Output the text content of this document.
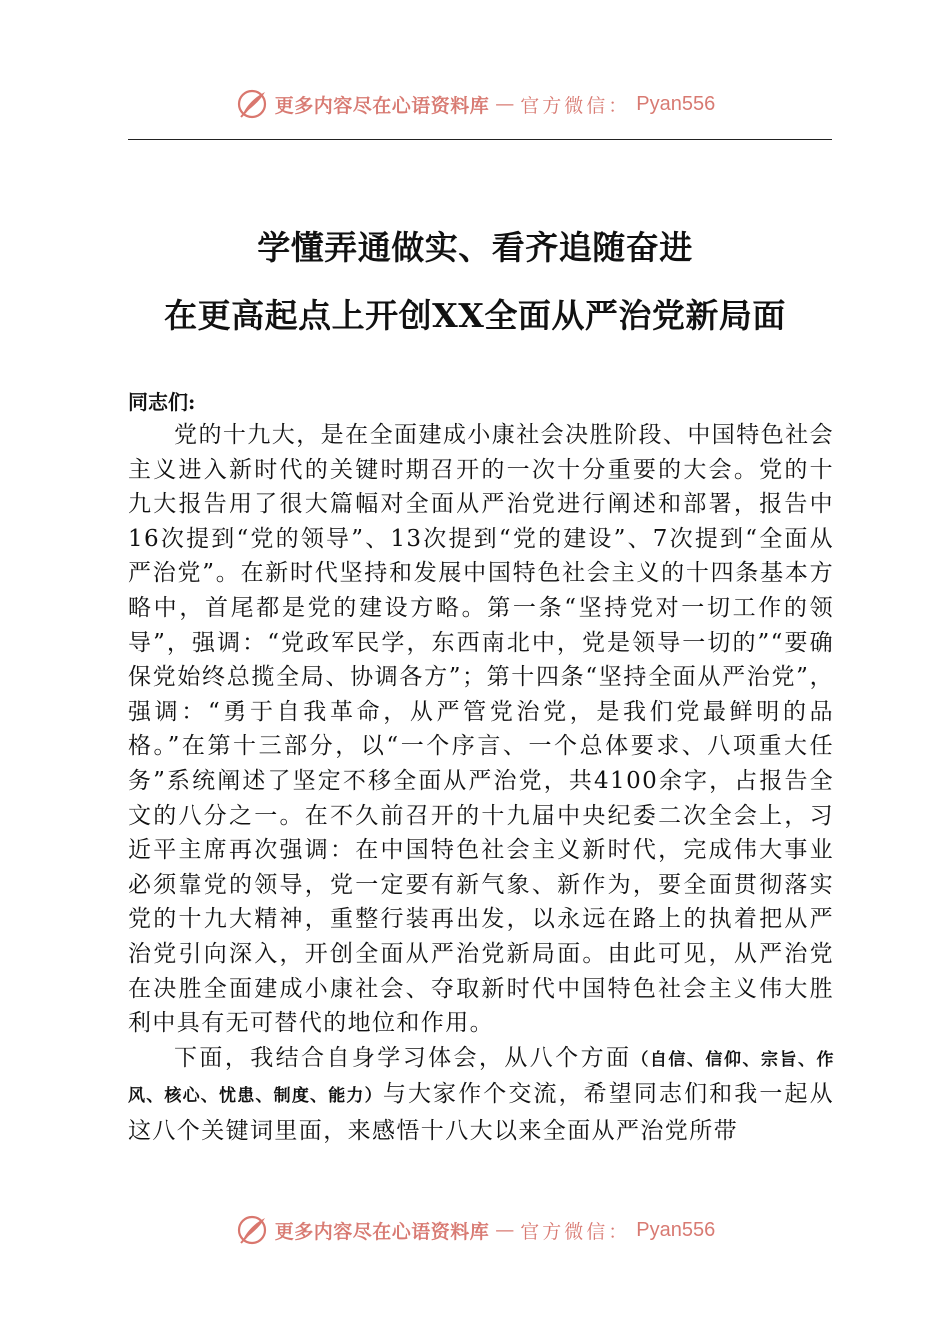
更多内容尽在心语资料库 — 官方微信： Pyan556
学懂弄通做实、看齐追随奋进
在更高起点上开创XX全面从严治党新局面
同志们:

党的十九大，是在全面建成小康社会决胜阶段、中国特色社会主义进入新时代的关键时期召开的一次十分重要的大会。党的十九大报告用了很大篇幅对全面从严治党进行阐述和部署，报告中16次提到“党的领导”、13次提到“党的建设”、7次提到“全面从严治党”。在新时代坚持和发展中国特色社会主义的十四条基本方略中，首尾都是党的建设方略。第一条“坚持党对一切工作的领导”，强调：“党政军民学，东西南北中，党是领导一切的”“要确保党始终总揽全局、协调各方”；第十四条“坚持全面从严治党”，强调：“勇于自我革命，从严管党治党，是我们党最鲜明的品格。”在第十三部分，以“一个序言、一个总体要求、八项重大任务”系统阐述了坚定不移全面从严治党，共4100余字，占报告全文的八分之一。在不久前召开的十九届中央纪委二次全会上，习近平主席再次强调：在中国特色社会主义新时代，完成伟大事业必须靠党的领导，党一定要有新气象、新作为，要全面贯彻落实党的十九大精神，重整行装再出发，以永远在路上的执着把从严治党引向深入，开创全面从严治党新局面。由此可见，从严治党在决胜全面建成小康社会、夺取新时代中国特色社会主义伟大胜利中具有无可替代的地位和作用。

下面，我结合自身学习体会，从八个方面（自信、信仰、宗旨、作风、核心、忧患、制度、能力）与大家作个交流，希望同志们和我一起从这八个关键词里面，来感悟十八大以来全面从严治党所带

更多内容尽在心语资料库 — 官方微信： Pyan556
